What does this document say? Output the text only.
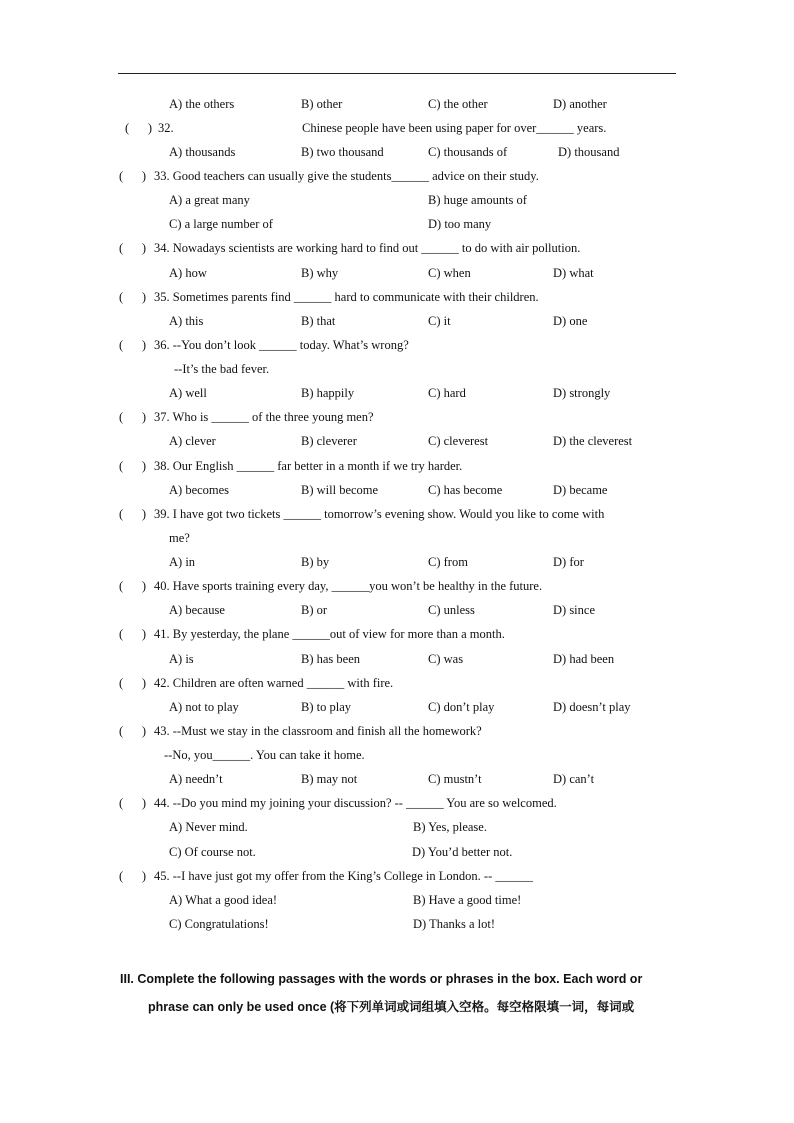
A) the others	B) other	C) the other	D) another
(      ) 32.	Chinese people have been using paper for over______ years.
A) thousands	B) two thousand	C) thousands of	D) thousand
(      ) 33. Good teachers can usually give the students______ advice on their study.
A) a great many	B) huge amounts of
C) a large number of	D) too many
(      ) 34. Nowadays scientists are working hard to find out ______ to do with air pollution.
A) how	B) why	C) when	D) what
(      ) 35. Sometimes parents find ______ hard to communicate with their children.
A) this	B) that	C) it	D) one
(      ) 36. --You don’t look ______ today. What’s wrong?
--It’s the bad fever.
A) well	B) happily	C) hard	D) strongly
(      ) 37. Who is ______ of the three young men?
A) clever	B) cleverer	C) cleverest	D) the cleverest
(      ) 38. Our English ______ far better in a month if we try harder.
A) becomes	B) will become	C) has become	D) became
(      ) 39. I have got two tickets ______ tomorrow’s evening show. Would you like to come with
me?
A) in	B) by	C) from	D) for
(      ) 40. Have sports training every day, ______you won’t be healthy in the future.
A) because	B) or	C) unless	D) since
(      ) 41. By yesterday, the plane ______out of view for more than a month.
A) is	B) has been	C) was	D) had been
(      ) 42. Children are often warned ______ with fire.
A) not to play	B) to play	C) don’t play	D) doesn’t play
(      ) 43. --Must we stay in the classroom and finish all the homework?
--No, you______. You can take it home.
A) needn’t	B) may not	C) mustn’t	D) can’t
(      ) 44. --Do you mind my joining your discussion? -- ______ You are so welcomed.
A) Never mind.	B) Yes, please.
C) Of course not.	D) You’d better not.
(      ) 45. --I have just got my offer from the King’s College in London. -- ______
A) What a good idea!	B) Have a good time!
C) Congratulations!	D) Thanks a lot!
III. Complete the following passages with the words or phrases in the box. Each word or
phrase can only be used once (将下列单词或词组填入空格。每空格限填一词，每词或
